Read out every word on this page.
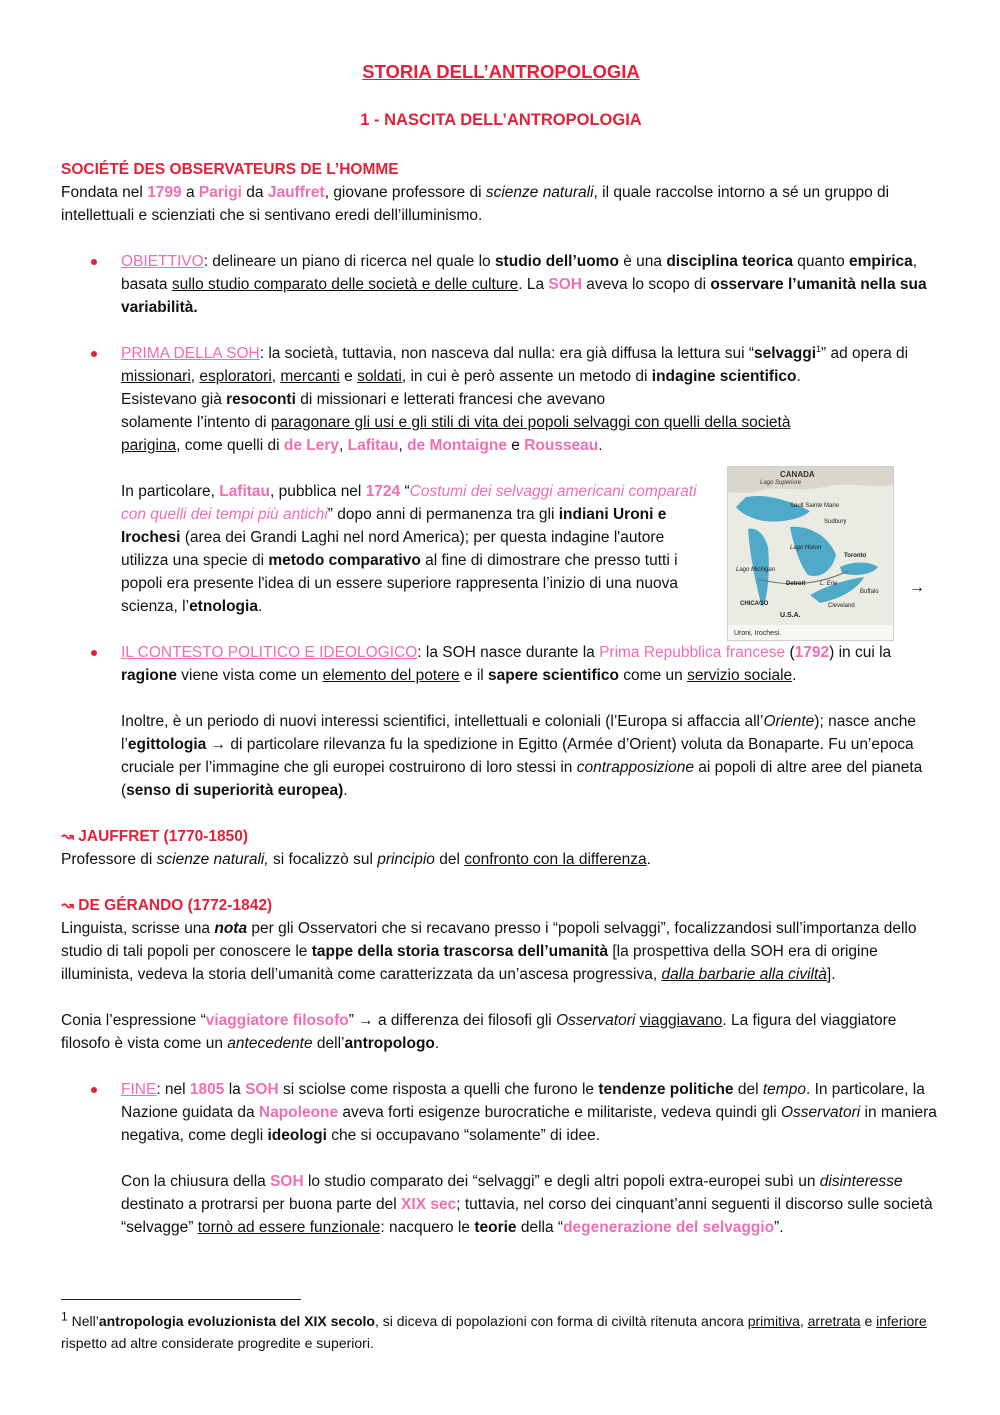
STORIA DELL’ANTROPOLOGIA

1 - NASCITA DELL’ANTROPOLOGIA

SOCIÉTÉ DES OBSERVATEURS DE L’HOMME

Fondata nel 1799 a Parigi da Jauffret, giovane professore di scienze naturali, il quale raccolse intorno a sé un gruppo di intellettuali e scienziati che si sentivano eredi dell’illuminismo.

OBIETTIVO: delineare un piano di ricerca nel quale lo studio dell’uomo è una disciplina teorica quanto empirica, basata sullo studio comparato delle società e delle culture. La SOH aveva lo scopo di osservare l’umanità nella sua variabilità.

PRIMA DELLA SOH: la società, tuttavia, non nasceva dal nulla: era già diffusa la lettura sui “selvaggi$^1$” ad opera di missionari, esploratori, mercanti e soldati, in cui è però assente un metodo di indagine scientifico.

Esistevano già resoconti di missionari e letterati francesi che avevano

solamente l’intento di paragonare gli usi e gli stili di vita dei popoli selvaggi con quelli della società parigina, come quelli di de Lery, Lafitau, de Montaigne e Rousseau.

In particolare, Lafitau, pubblica nel 1724 “Costumi dei selvaggi americani comparati con quelli dei tempi più antichi” dopo anni di permanenza tra gli indiani Uroni e Irochesi (area dei Grandi Laghi nel nord America); per questa indagine l'autore utilizza una specie di metodo comparativo al fine di dimostrare che presso tutti i popoli era presente l'idea di un essere superiore rappresenta l’inizio di una nuova scienza, l’etnologia.

IL CONTESTO POLITICO E IDEOLOGICO: la SOH nasce durante la Prima Repubblica francese (1792) in cui la ragione viene vista come un elemento del potere e il sapere scientifico come un servizio sociale.

Inoltre, è un periodo di nuovi interessi scientifici, intellettuali e coloniali (l’Europa si affaccia all’Oriente); nasce anche l’egittologia → di particolare rilevanza fu la spedizione in Egitto (Armée d’Orient) voluta da Bonaparte. Fu un’epoca cruciale per l’immagine che gli europei costruirono di loro stessi in contrapposizione ai popoli di altre aree del pianeta (senso di superiorità europea).

↝ JAUFFRET (1770-1850)

Professore di scienze naturali, si focalizzò sul principio del confronto con la differenza.

↝ DE GÉRANDO (1772-1842)

Linguista, scrisse una nota per gli Osservatori che si recavano presso i “popoli selvaggi”, focalizzandosi sull’importanza dello studio di tali popoli per conoscere le tappe della storia trascorsa dell’umanità [la prospettiva della SOH era di origine illuminista, vedeva la storia dell’umanità come caratterizzata da un’ascesa progressiva, dalla barbarie alla civiltà].

Conia l’espressione “viaggiatore filosofo” → a differenza dei filosofi gli Osservatori viaggiavano. La figura del viaggiatore filosofo è vista come un antecedente dell’antropologo.

FINE: nel 1805 la SOH si sciolse come risposta a quelli che furono le tendenze politiche del tempo. In particolare, la Nazione guidata da Napoleone aveva forti esigenze burocratiche e militariste, vedeva quindi gli Osservatori in maniera negativa, come degli ideologi che si occupavano “solamente” di idee.

Con la chiusura della SOH lo studio comparato dei “selvaggi” e degli altri popoli extra-europei subì un disinteresse destinato a protrarsi per buona parte del XIX sec; tuttavia, nel corso dei cinquant’anni seguenti il discorso sulle società “selvagge” tornò ad essere funzionale: nacquero le teorie della “degenerazione del selvaggio”.

CANADA
Lago Superiore
Sault Sainte Marie
Sudbury
Lago Huron
Toronto
Lago Michigan
Detroit L. Erie
Buffalo
CHICAGO	Cleveland
U.S.A.
Uroni, Irochesi.
→
1 Nell’antropologia evoluzionista del XIX secolo, si diceva di popolazioni con forma di civiltà ritenuta ancora primitiva, arretrata e inferiore rispetto ad altre considerate progredite e superiori.
